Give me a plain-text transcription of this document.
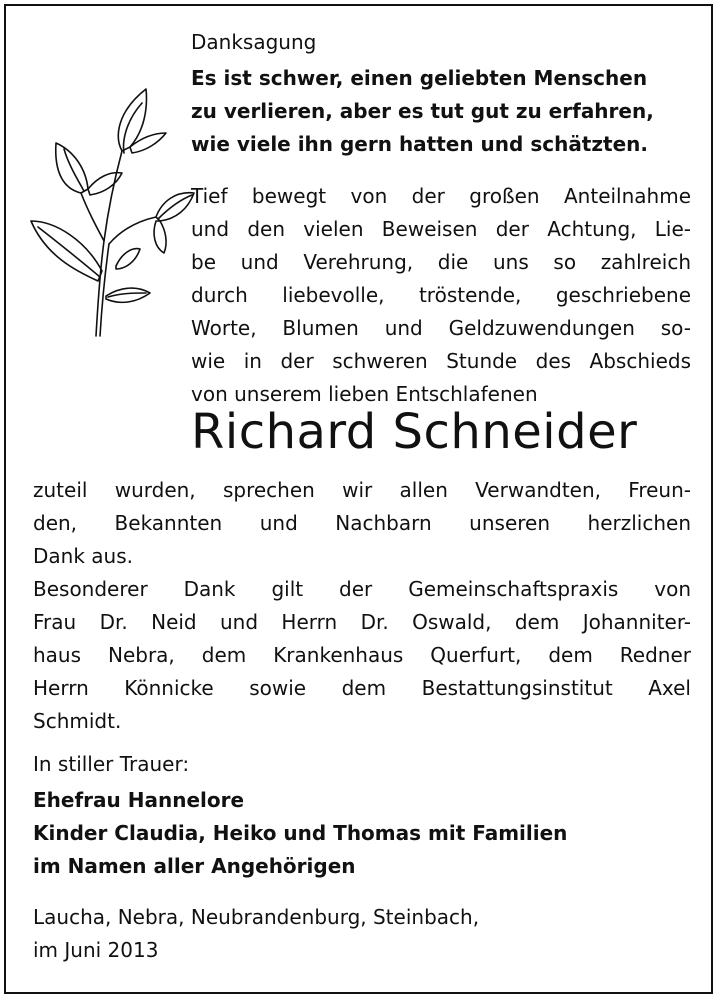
Danksagung
Es ist schwer, einen geliebten Menschen
zu verlieren, aber es tut gut zu erfahren,
wie viele ihn gern hatten und schätzten.
Tief bewegt von der großen Anteilnahme
und den vielen Beweisen der Achtung, Lie-
be und Verehrung, die uns so zahlreich
durch liebevolle, tröstende, geschriebene
Worte, Blumen und Geldzuwendungen so-
wie in der schweren Stunde des Abschieds
von unserem lieben Entschlafenen
Richard Schneider
zuteil wurden, sprechen wir allen Verwandten, Freun-
den, Bekannten und Nachbarn unseren herzlichen
Dank aus.
Besonderer Dank gilt der Gemeinschaftspraxis von
Frau Dr. Neid und Herrn Dr. Oswald, dem Johanniter-
haus Nebra, dem Krankenhaus Querfurt, dem Redner
Herrn Könnicke sowie dem Bestattungsinstitut Axel
Schmidt.
In stiller Trauer:
Ehefrau Hannelore
Kinder Claudia, Heiko und Thomas mit Familien
im Namen aller Angehörigen
Laucha, Nebra, Neubrandenburg, Steinbach,
im Juni 2013
